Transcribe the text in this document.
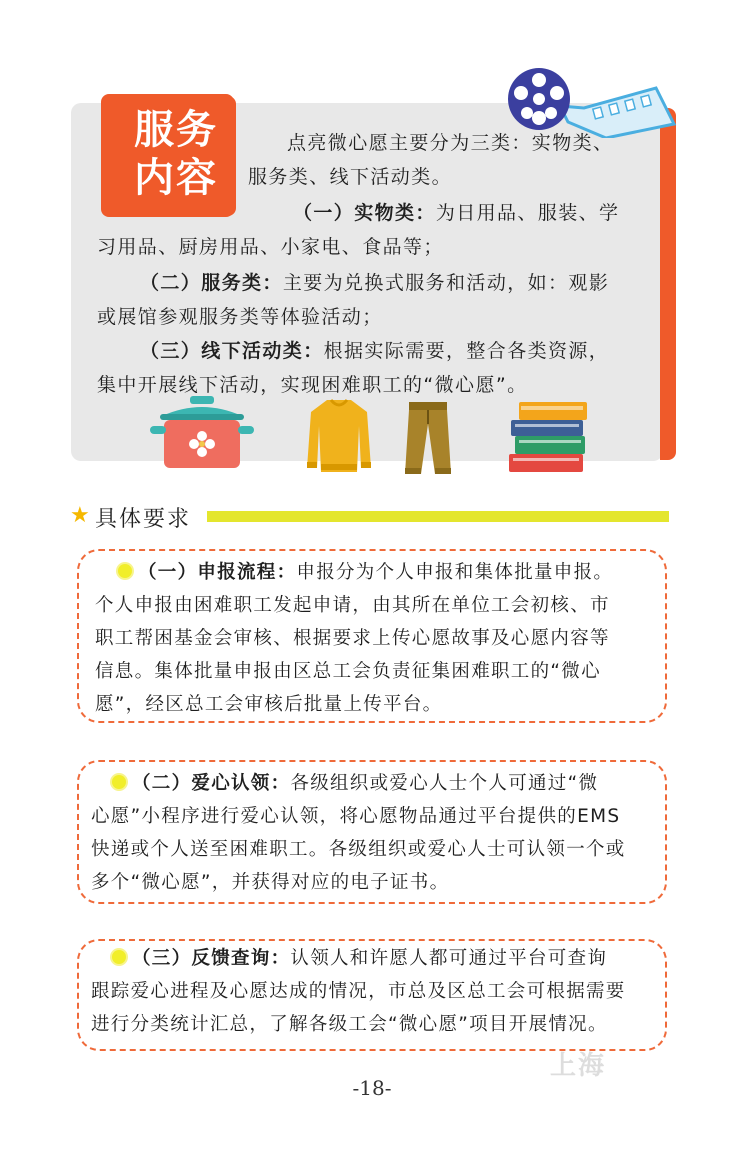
服务
内容
点亮微心愿主要分为三类：实物类、
服务类、线下活动类。
（一）实物类：为日用品、服装、学
习用品、厨房用品、小家电、食品等；
（二）服务类：主要为兑换式服务和活动，如：观影
或展馆参观服务类等体验活动；
（三）线下活动类：根据实际需要，整合各类资源，
集中开展线下活动，实现困难职工的“微心愿”。
★ 具体要求
（一）申报流程：申报分为个人申报和集体批量申报。
个人申报由困难职工发起申请，由其所在单位工会初核、市
职工帮困基金会审核、根据要求上传心愿故事及心愿内容等
信息。集体批量申报由区总工会负责征集困难职工的“微心
愿”，经区总工会审核后批量上传平台。
（二）爱心认领：各级组织或爱心人士个人可通过“微
心愿”小程序进行爱心认领，将心愿物品通过平台提供的EMS
快递或个人送至困难职工。各级组织或爱心人士可认领一个或
多个“微心愿”，并获得对应的电子证书。
（三）反馈查询：认领人和许愿人都可通过平台可查询
跟踪爱心进程及心愿达成的情况，市总及区总工会可根据需要
进行分类统计汇总，了解各级工会“微心愿”项目开展情况。
上海
-18-
